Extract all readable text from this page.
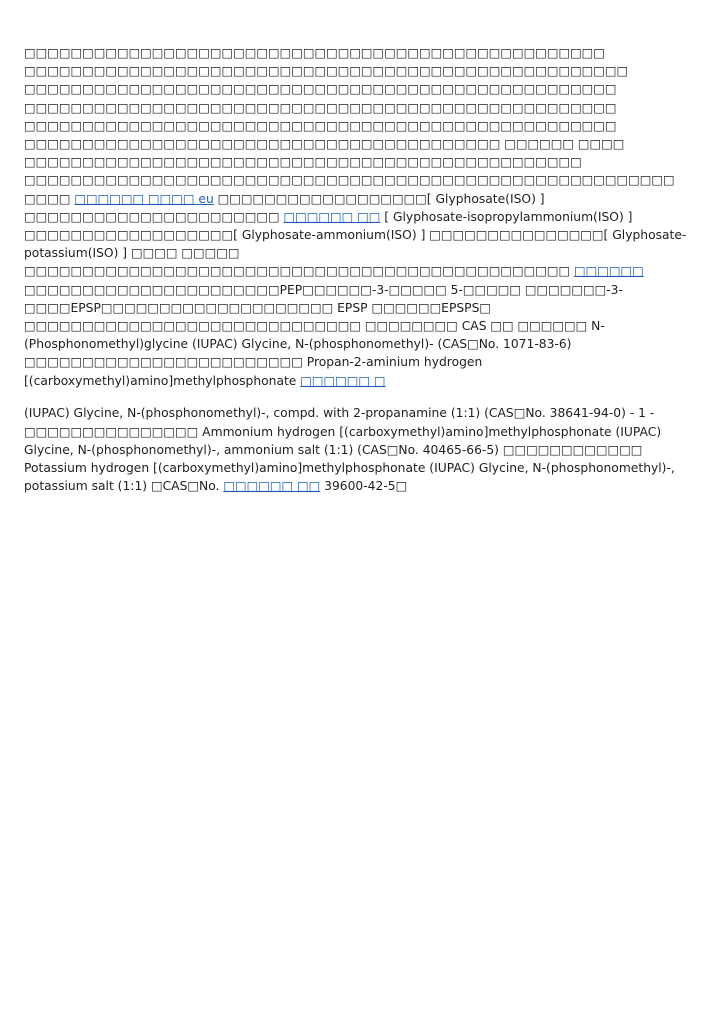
□□□□□□□□□□□□□□□□□□□□□□□□□□□□□□□□□□□□□□□□□□□□□□□□□□ □□□□□□□□□□□□□□□□□□□□□□□□□□□□□□□□□□□□□□□□□□□□□□□□□□□□ □□□□□□□□□□□□□□□□□□□□□□□□□□□□□□□□□□□□□□□□□□□□□□□□□□□ □□□□□□□□□□□□□□□□□□□□□□□□□□□□□□□□□□□□□□□□□□□□□□□□□□□ □□□□□□□□□□□□□□□□□□□□□□□□□□□□□□□□□□□□□□□□□□□□□□□□□□□ □□□□□□□□□□□□□□□□□□□□□□□□□□□□□□□□□□□□□□□□□ □□□□□□ □□□□ □□□□□□□□□□□□□□□□□□□□□□□□□□□□□□□□□□□□□□□□□□□□□□□□ □□□□□□□□□□□□□□□□□□□□□□□□□□□□□□□□□□□□□□□□□□□□□□□□□□□□□□□□ □□□□ □□□□□□ □□□□ eu □□□□□□□□□□□□□□□□□□[ Glyphosate(ISO) ] □□□□□□□□□□□□□□□□□□□□□□ □□□□□□ □□ [ Glyphosate-isopropylammonium(ISO) ] □□□□□□□□□□□□□□□□□□[ Glyphosate-ammonium(ISO) ] □□□□□□□□□□□□□□□[ Glyphosate-potassium(ISO) ] □□□□ □□□□□ □□□□□□□□□□□□□□□□□□□□□□□□□□□□□□□□□□□□□□□□□□□□□□□ □□□□□□ □□□□□□□□□□□□□□□□□□□□□□PEP□□□□□□-3-□□□□□ 5-□□□□□ □□□□□□□-3-□□□□EPSP□□□□□□□□□□□□□□□□□□□□ EPSP □□□□□□EPSPS□ □□□□□□□□□□□□□□□□□□□□□□□□□□□□□ □□□□□□□□ CAS □□ □□□□□□ N-(Phosphonomethyl)glycine (IUPAC) Glycine, N-(phosphonomethyl)- (CAS□No. 1071-83-6) □□□□□□□□□□□□□□□□□□□□□□□□ Propan-2-aminium hydrogen [(carboxymethyl)amino]methylphosphonate □□□□□□ □

(IUPAC) Glycine, N-(phosphonomethyl)-, compd. with 2-propanamine (1:1) (CAS□No. 38641-94-0) - 1 - □□□□□□□□□□□□□□□ Ammonium hydrogen [(carboxymethyl)amino]methylphosphonate (IUPAC) Glycine, N-(phosphonomethyl)-, ammonium salt (1:1) (CAS□No. 40465-66-5) □□□□□□□□□□□□ Potassium hydrogen [(carboxymethyl)amino]methylphosphonate (IUPAC) Glycine, N-(phosphonomethyl)-, potassium salt (1:1) □CAS□No. □□□□□□ □□ 39600-42-5□
